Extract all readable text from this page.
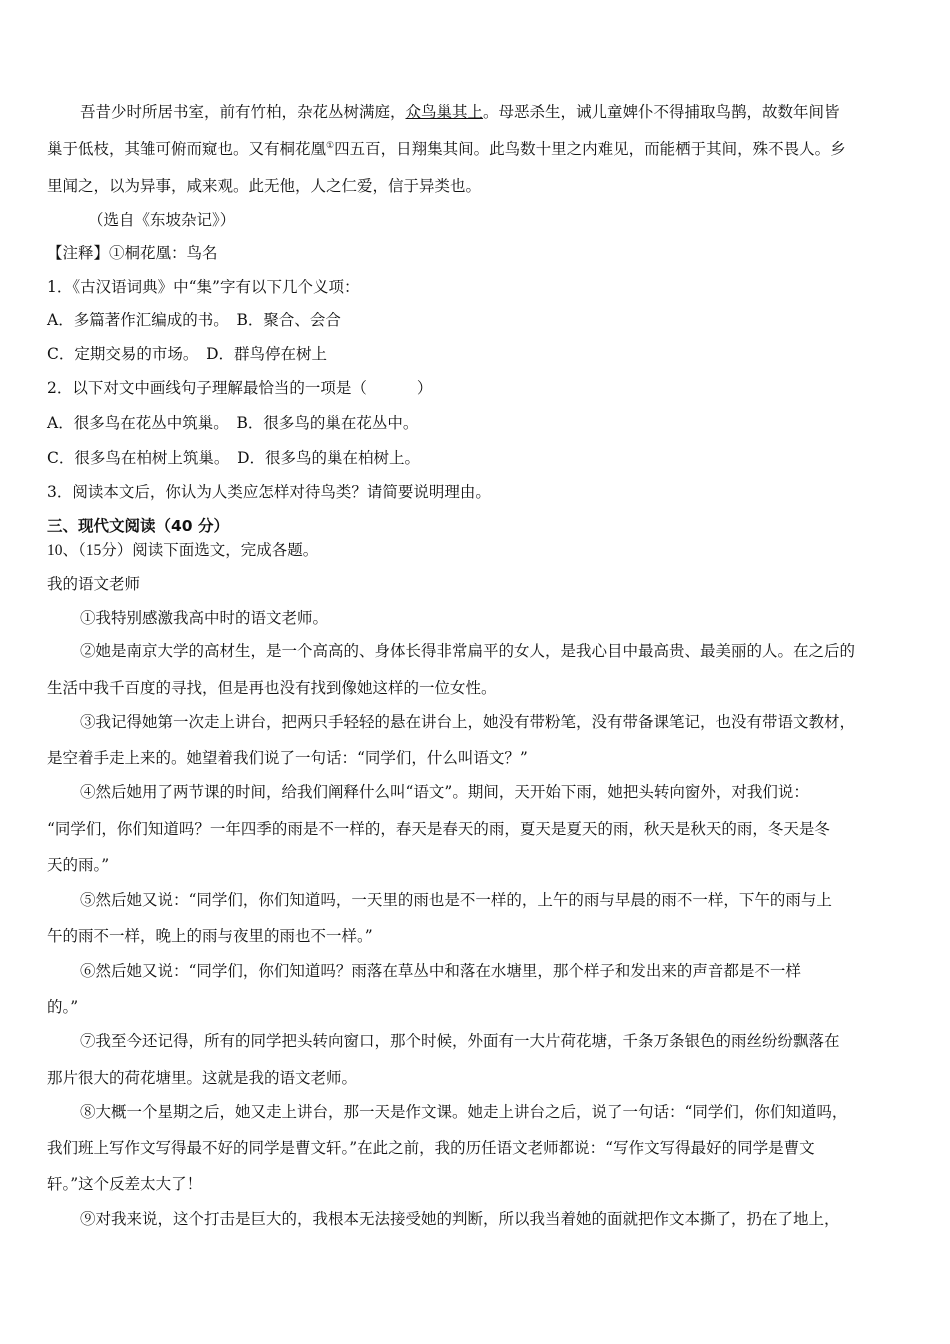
吾昔少时所居书室，前有竹柏，杂花丛树满庭，众鸟巢其上。母恶杀生，诫儿童婢仆不得捕取鸟鹊，故数年间皆
巢于低枝，其雏可俯而窥也。又有桐花凰①四五百，日翔集其间。此鸟数十里之内难见，而能栖于其间，殊不畏人。乡
里闻之，以为异事，咸来观。此无他，人之仁爱，信于异类也。
（选自《东坡杂记》）
【注释】①桐花凰：鸟名
1．《古汉语词典》中“集”字有以下几个义项：
A．多篇著作汇编成的书。　B．聚合、会合
C．定期交易的市场。　D．群鸟停在树上
2．以下对文中画线句子理解最恰当的一项是（	）
A．很多鸟在花丛中筑巢。　B．很多鸟的巢在花丛中。
C．很多鸟在柏树上筑巢。　D．很多鸟的巢在柏树上。
3．阅读本文后，你认为人类应怎样对待鸟类？请简要说明理由。
三、现代文阅读（40 分）
10、（15分）阅读下面选文，完成各题。
我的语文老师
①我特别感激我高中时的语文老师。
②她是南京大学的高材生，是一个高高的、身体长得非常扁平的女人，是我心目中最高贵、最美丽的人。在之后的
生活中我千百度的寻找，但是再也没有找到像她这样的一位女性。
③我记得她第一次走上讲台，把两只手轻轻的悬在讲台上，她没有带粉笔，没有带备课笔记，也没有带语文教材，
是空着手走上来的。她望着我们说了一句话：“同学们，什么叫语文？”
④然后她用了两节课的时间，给我们阐释什么叫“语文”。期间，天开始下雨，她把头转向窗外，对我们说：
“同学们，你们知道吗？一年四季的雨是不一样的，春天是春天的雨，夏天是夏天的雨，秋天是秋天的雨，冬天是冬
天的雨。”
⑤然后她又说：“同学们，你们知道吗，一天里的雨也是不一样的，上午的雨与早晨的雨不一样，下午的雨与上
午的雨不一样，晚上的雨与夜里的雨也不一样。”
⑥然后她又说：“同学们，你们知道吗？雨落在草丛中和落在水塘里，那个样子和发出来的声音都是不一样
的。”
⑦我至今还记得，所有的同学把头转向窗口，那个时候，外面有一大片荷花塘，千条万条银色的雨丝纷纷飘落在
那片很大的荷花塘里。这就是我的语文老师。
⑧大概一个星期之后，她又走上讲台，那一天是作文课。她走上讲台之后，说了一句话：“同学们，你们知道吗，
我们班上写作文写得最不好的同学是曹文轩。”在此之前，我的历任语文老师都说：“写作文写得最好的同学是曹文
轩。”这个反差太大了！
⑨对我来说，这个打击是巨大的，我根本无法接受她的判断，所以我当着她的面就把作文本撕了，扔在了地上，
